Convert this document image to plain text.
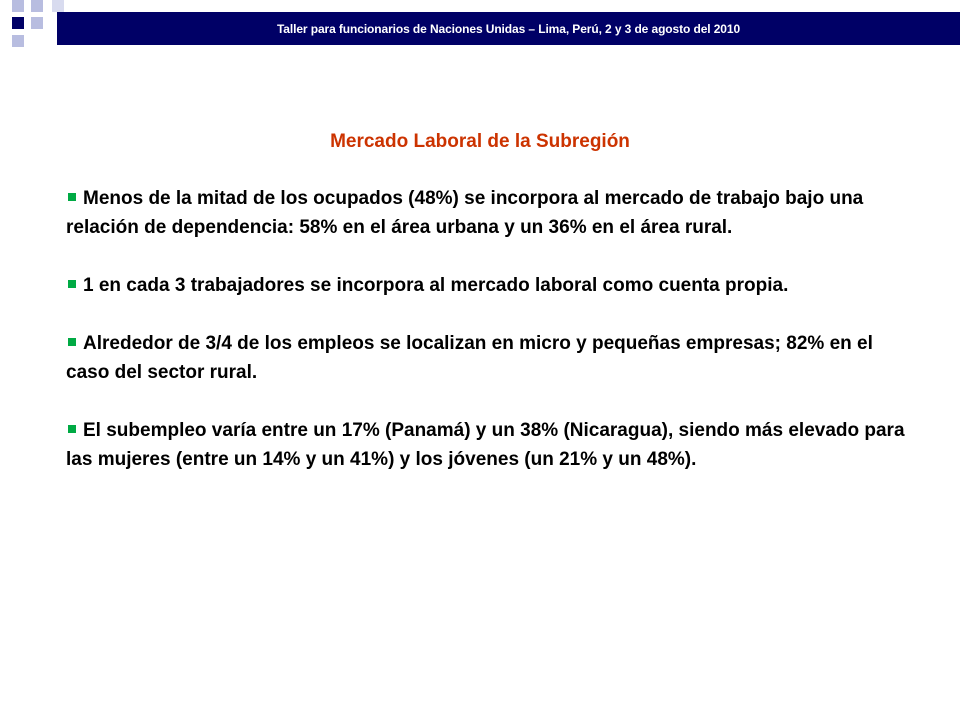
Taller para funcionarios de Naciones Unidas – Lima, Perú, 2 y 3 de agosto del 2010
Mercado Laboral de la Subregión

Menos de la mitad de los ocupados (48%) se incorpora al mercado de trabajo bajo una relación de dependencia: 58% en el área urbana y un 36% en el área rural.

1 en cada 3 trabajadores se incorpora al mercado laboral como cuenta propia.

Alrededor de 3/4 de los empleos se localizan en micro y pequeñas empresas; 82% en el caso del sector rural.

El subempleo varía entre un 17% (Panamá) y un 38% (Nicaragua), siendo más elevado para las mujeres (entre un 14% y un 41%) y los jóvenes (un 21% y un 48%).
